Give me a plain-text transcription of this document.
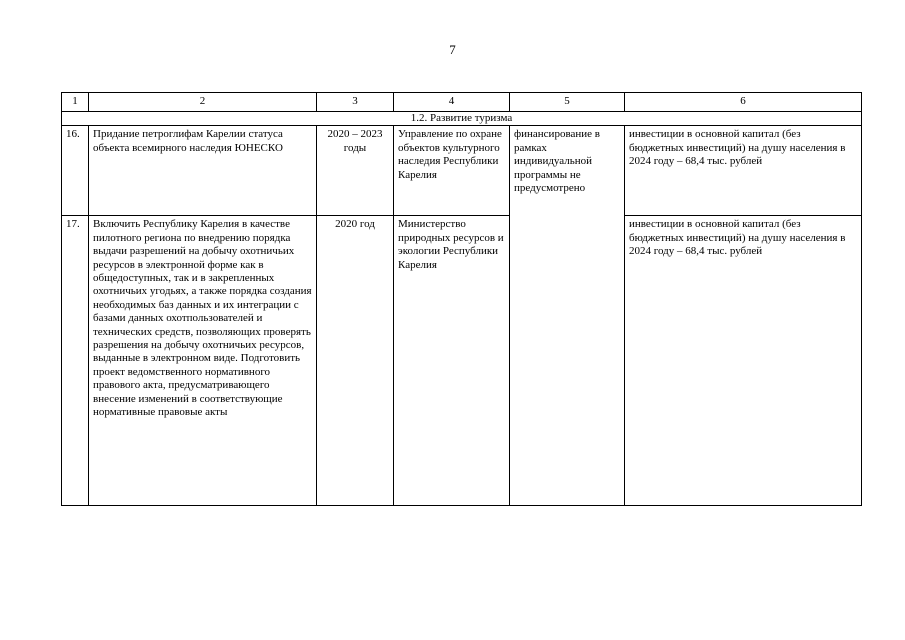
7
1	2	3	4	5	6
1.2. Развитие туризма					
16.	Придание петроглифам Карелии статуса объекта всемирного наследия ЮНЕСКО	2020 – 2023 годы	Управление по охране объектов культурного наследия Республики Карелия	финансирование в рамках индивидуальной программы не предусмотрено	инвестиции в основной капитал (без бюджетных инвестиций) на душу населения в 2024 году – 68,4 тыс. рублей
17.	Включить Республику Карелия в качестве пилотного региона по внедрению порядка выдачи разрешений на добычу охотничьих ресурсов в электронной форме как в общедоступных, так и в закрепленных охотничьих угодьях, а также порядка создания необходимых баз данных и их интеграции с базами данных охотпользователей и технических средств, позволяющих проверять разрешения на добычу охотничьих ресурсов, выданные в электронном виде. Подготовить проект ведомственного нормативного правового акта, предусматривающего внесение изменений в соответствующие нормативные правовые акты	2020 год	Министерство природных ресурсов и экологии Республики Карелия		инвестиции в основной капитал (без бюджетных инвестиций) на душу населения в 2024 году – 68,4 тыс. рублей
